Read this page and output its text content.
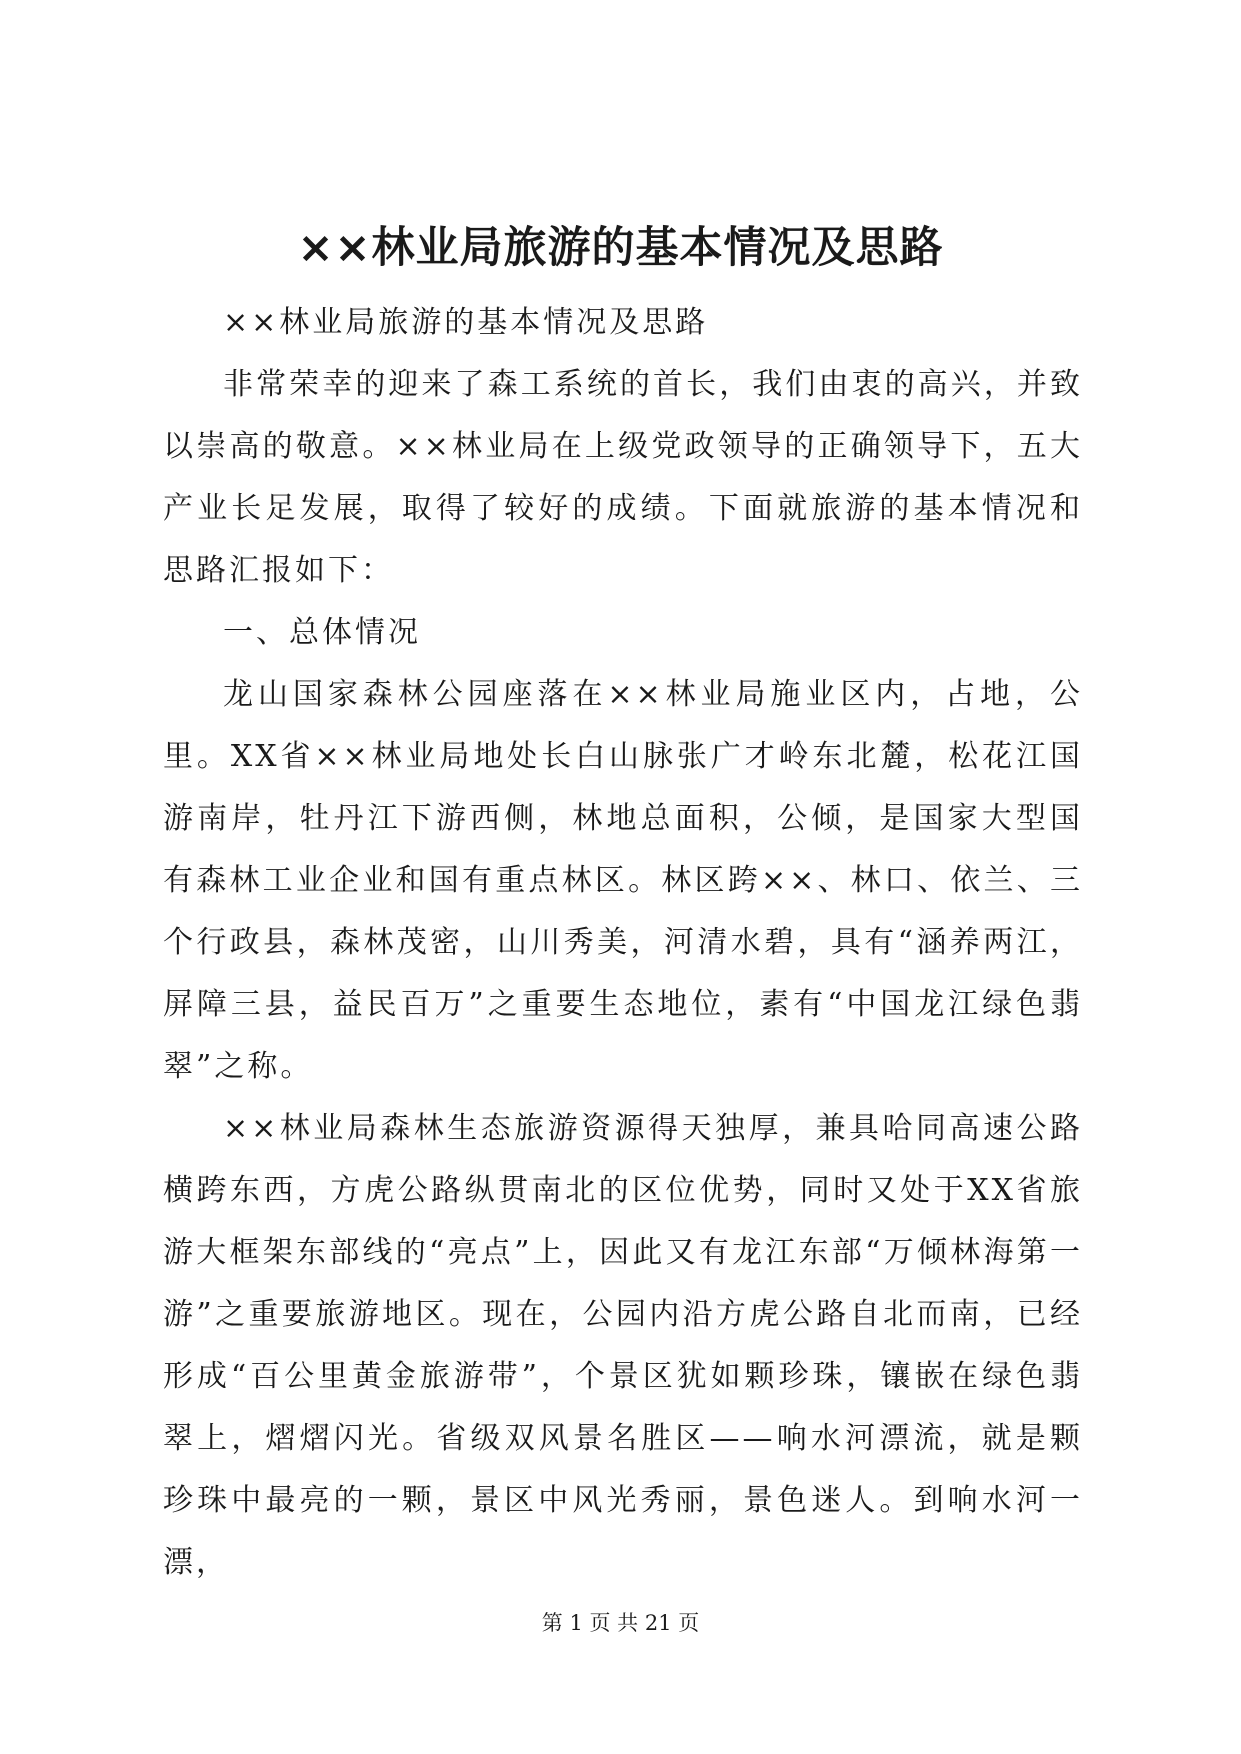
××林业局旅游的基本情况及思路

××林业局旅游的基本情况及思路

非常荣幸的迎来了森工系统的首长，我们由衷的高兴，并致以崇高的敬意。××林业局在上级党政领导的正确领导下，五大产业长足发展，取得了较好的成绩。下面就旅游的基本情况和思路汇报如下：

一、总体情况

龙山国家森林公园座落在××林业局施业区内，占地，公里。XX省××林业局地处长白山脉张广才岭东北麓，松花江国游南岸，牡丹江下游西侧，林地总面积，公倾，是国家大型国有森林工业企业和国有重点林区。林区跨××、林口、依兰、三个行政县，森林茂密，山川秀美，河清水碧，具有“涵养两江，屏障三县，益民百万”之重要生态地位，素有“中国龙江绿色翡翠”之称。

××林业局森林生态旅游资源得天独厚，兼具哈同高速公路横跨东西，方虎公路纵贯南北的区位优势，同时又处于XX省旅游大框架东部线的“亮点”上，因此又有龙江东部“万倾林海第一游”之重要旅游地区。现在，公园内沿方虎公路自北而南，已经形成“百公里黄金旅游带”，个景区犹如颗珍珠，镶嵌在绿色翡翠上，熠熠闪光。省级双风景名胜区——响水河漂流，就是颗珍珠中最亮的一颗，景区中风光秀丽，景色迷人。到响水河一漂，

第 1 页 共 21 页
